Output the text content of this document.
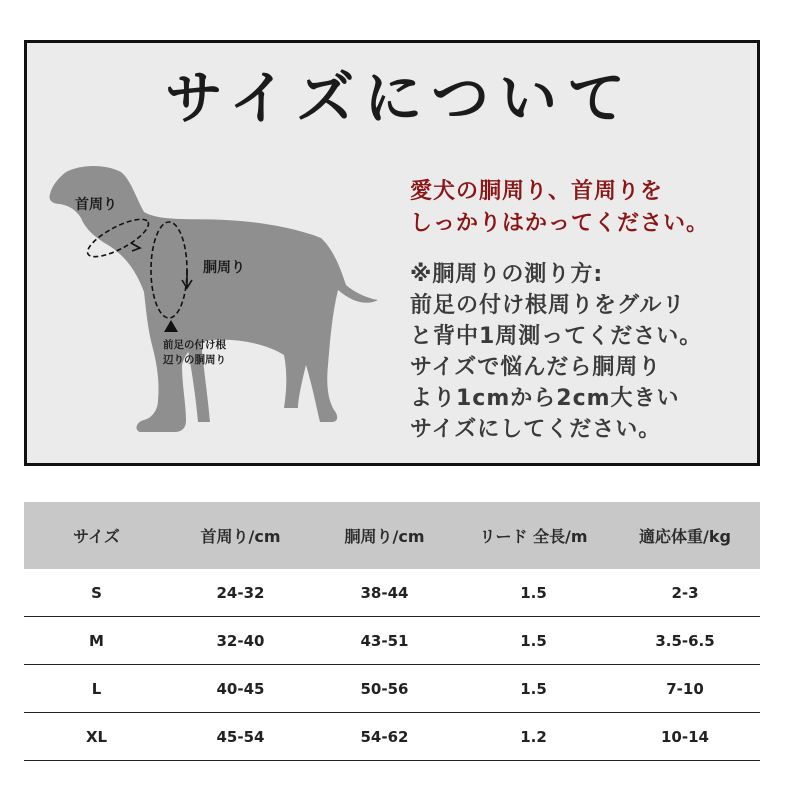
サイズについて
首周り
胴周り
前足の付け根
辺りの胴周り
愛犬の胴周り、首周りを
しっかりはかってください。
※胴周りの測り方:
前足の付け根周りをグルリ
と背中1周測ってください。
サイズで悩んだら胴周り
より1cmから2cm大きい
サイズにしてください。
サイズ	首周り/cm	胴周り/cm	リード 全長/m	適応体重/kg
S	24-32	38-44	1.5	2-3
M	32-40	43-51	1.5	3.5-6.5
L	40-45	50-56	1.5	7-10
XL	45-54	54-62	1.2	10-14
